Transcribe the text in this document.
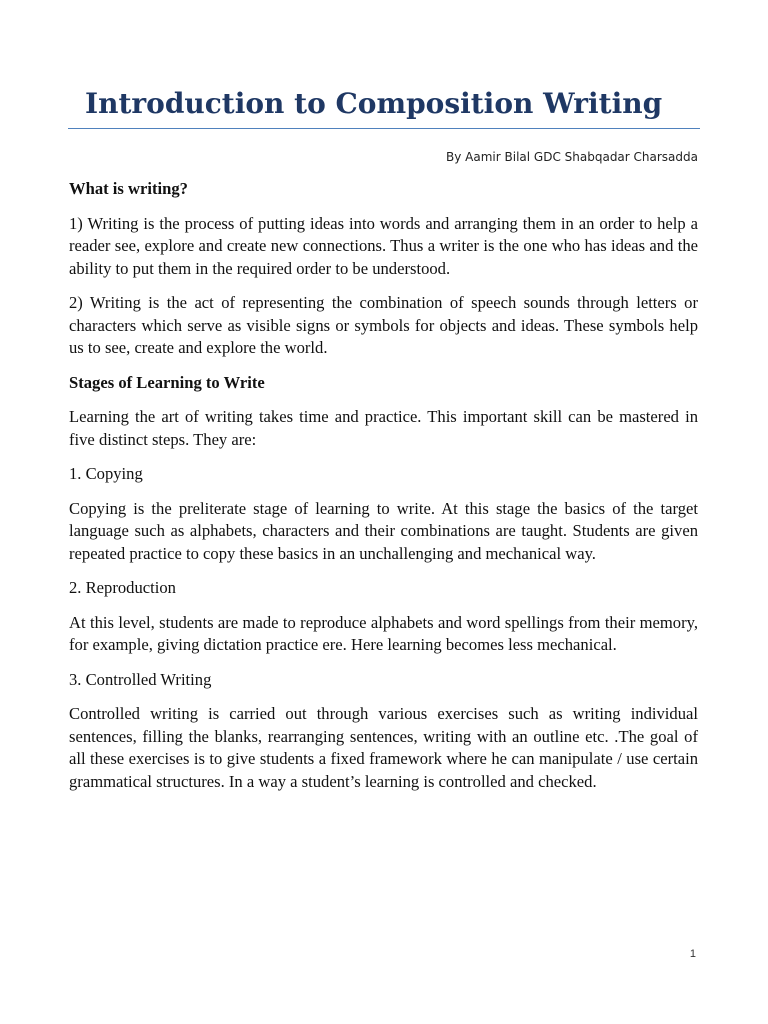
Introduction to Composition Writing
By Aamir Bilal GDC Shabqadar Charsadda
What is writing?

1) Writing is the process of putting ideas into words and arranging them in an order to help a reader see, explore and create new connections. Thus a writer is the one who has ideas and the ability to put them in the required order to be understood.

2) Writing is the act of representing the combination of speech sounds through letters or characters which serve as visible signs or symbols for objects and ideas. These symbols help us to see, create and explore the world.

Stages of Learning to Write

Learning the art of writing takes time and practice. This important skill can be mastered in five distinct steps. They are:

1. Copying

Copying is the preliterate stage of learning to write. At this stage the basics of the target language such as alphabets, characters and their combinations are taught. Students are given repeated practice to copy these basics in an unchallenging and mechanical way.

2. Reproduction

At this level, students are made to reproduce alphabets and word spellings from their memory, for example, giving dictation practice ere. Here learning becomes less mechanical.

3. Controlled Writing

Controlled writing is carried out through various exercises such as writing individual sentences, filling the blanks, rearranging sentences, writing with an outline etc. .The goal of all these exercises is to give students a fixed framework where he can manipulate / use certain grammatical structures. In a way a student’s learning is controlled and checked.

1
